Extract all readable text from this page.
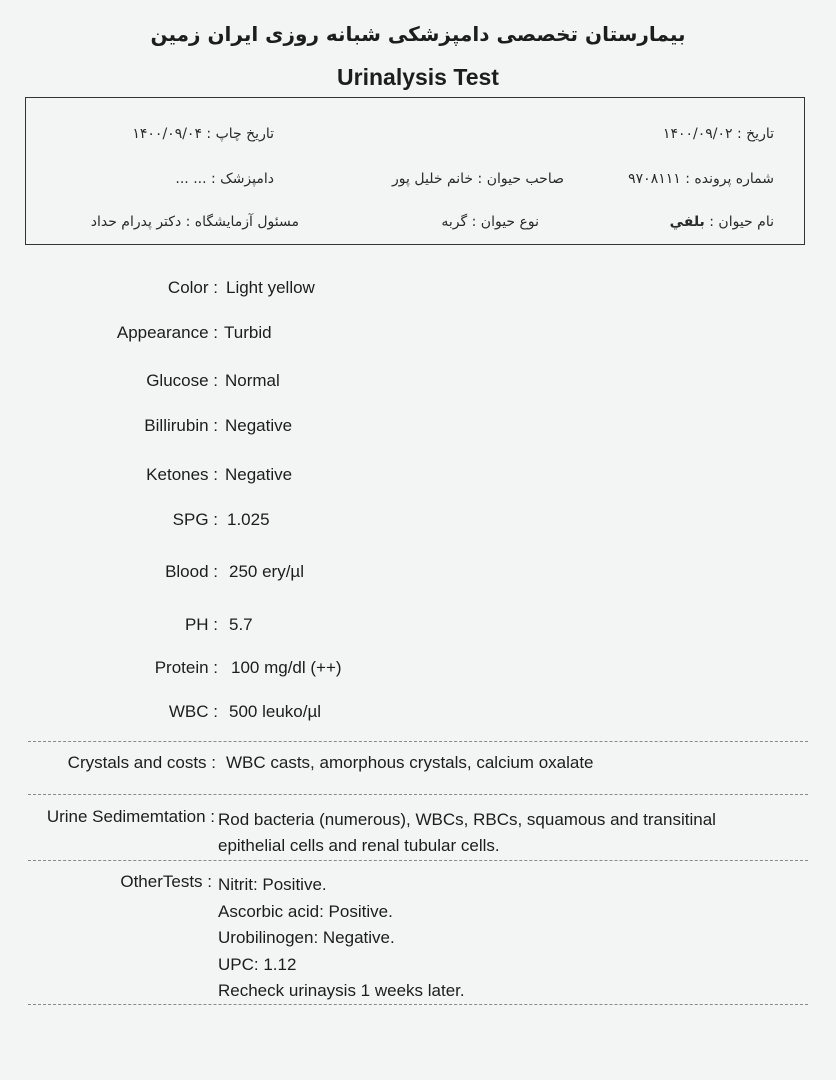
بیمارستان تخصصی دامپزشکی شبانه روزی ایران زمین
Urinalysis Test
تاریخ : ۱۴۰۰/۰۹/۰۲
تاریخ چاپ : ۱۴۰۰/۰۹/۰۴
شماره پرونده : ۹۷۰۸۱۱۱
صاحب حیوان : خانم خلیل پور
دامپزشک : ... ...
نام حیوان : بلفي
نوع حیوان : گربه
مسئول آزمایشگاه : دکتر پدرام حداد
Color : Light yellow
Appearance : Turbid
Glucose : Normal
Billirubin : Negative
Ketones : Negative
SPG : 1.025
Blood : 250 ery/µl
PH : 5.7
Protein : 100 mg/dl (++)
WBC : 500 leuko/µl
Crystals and costs : WBC casts, amorphous crystals, calcium oxalate
Urine Sedimemtation : Rod bacteria (numerous), WBCs, RBCs, squamous and transitinal
epithelial cells and renal tubular cells.
OtherTests : Nitrit: Positive.
Ascorbic acid: Positive.
Urobilinogen: Negative.
UPC: 1.12
Recheck urinaysis 1 weeks later.
